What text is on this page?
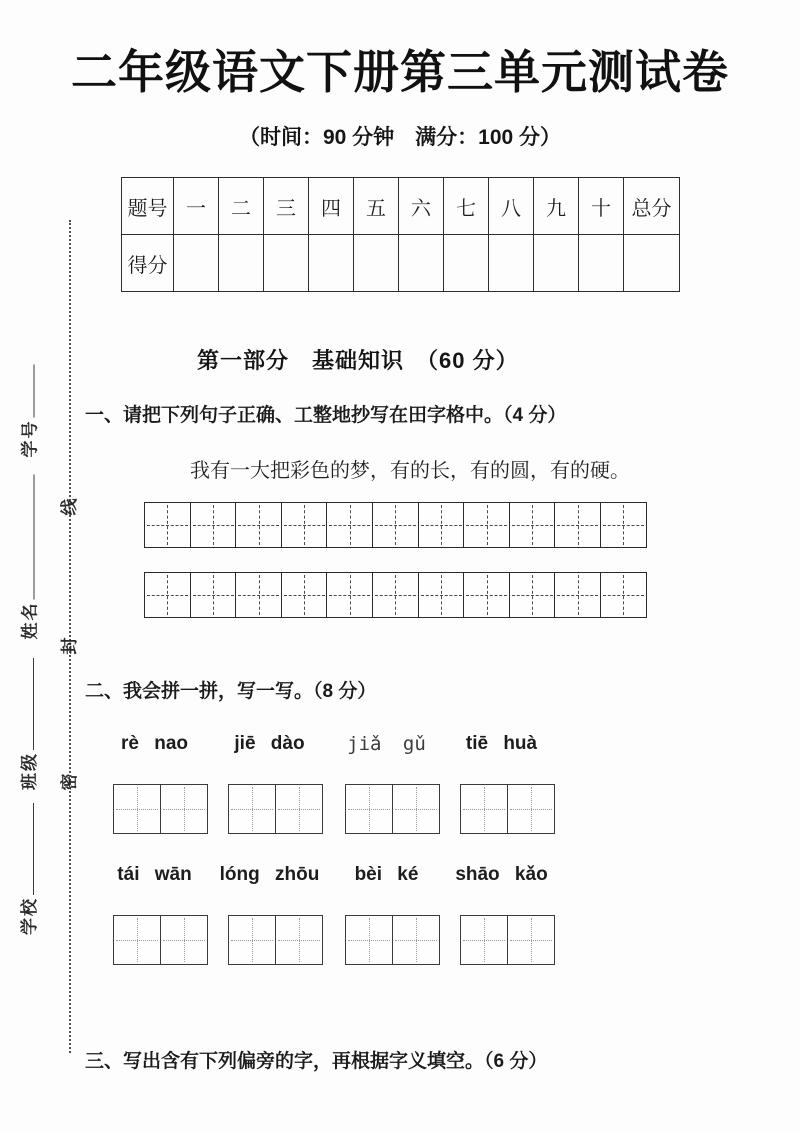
二年级语文下册第三单元测试卷
（时间：90 分钟　满分：100 分）
题号	一	二	三	四	五	六	七	八	九	十	总分
得分											
第一部分　基础知识　（60 分）
一、请把下列句子正确、工整地抄写在田字格中。（4 分）
我有一大把彩色的梦，有的长，有的圆，有的硬。
二、我会拼一拼，写一写。（8 分）
rè nao	jiē dào	jiǎ gǔ	tiē huà
tái wān	lóng zhōu	bèi ké	shāo kǎo
三、写出含有下列偏旁的字，再根据字义填空。（6 分）
线
封
密
学号
姓名
班级
学校
